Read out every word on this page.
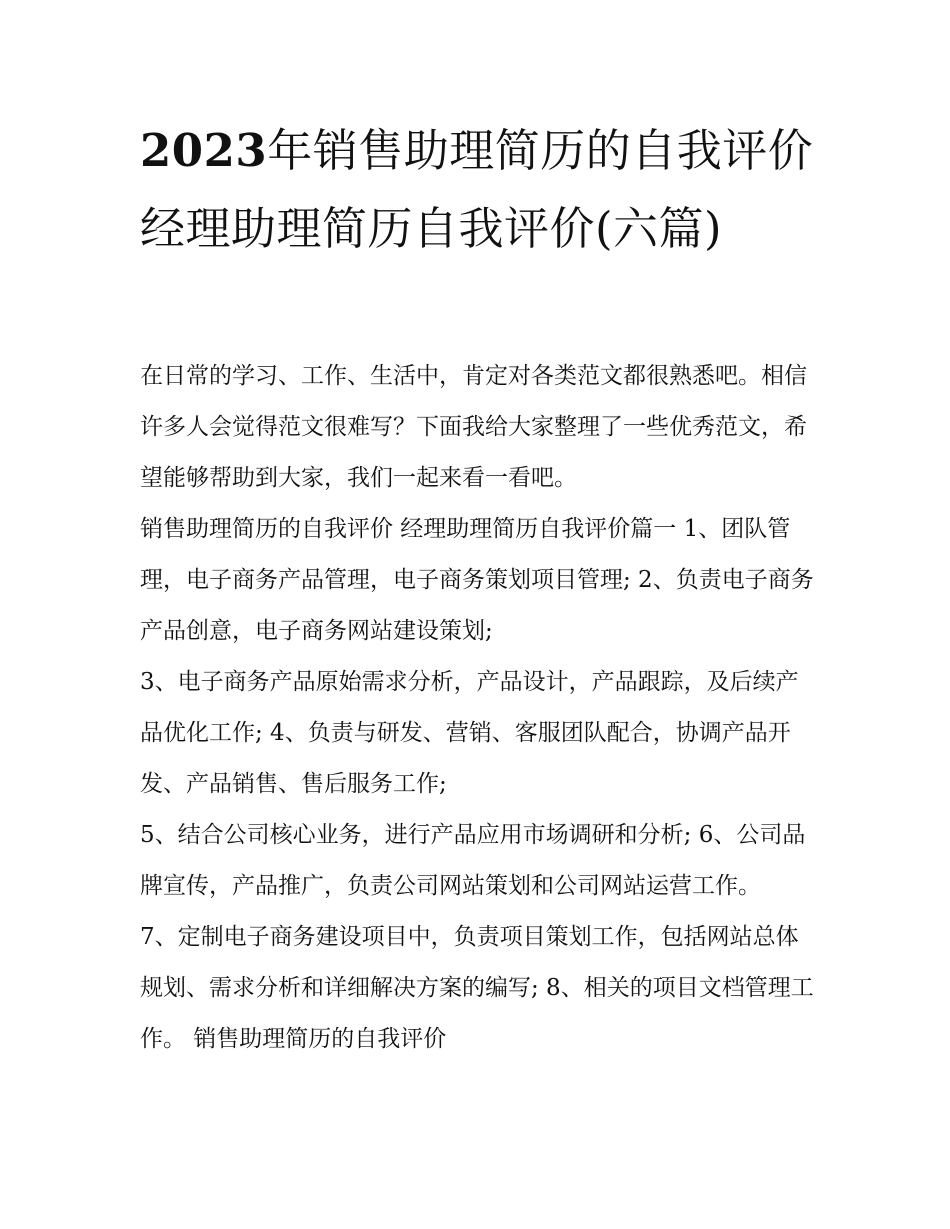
2023年销售助理简历的自我评价 经理助理简历自我评价(六篇)

在日常的学习、工作、生活中，肯定对各类范文都很熟悉吧。相信许多人会觉得范文很难写？下面我给大家整理了一些优秀范文，希望能够帮助到大家，我们一起来看一看吧。

销售助理简历的自我评价 经理助理简历自我评价篇一 1、团队管理，电子商务产品管理，电子商务策划项目管理; 2、负责电子商务产品创意，电子商务网站建设策划;

3、电子商务产品原始需求分析，产品设计，产品跟踪，及后续产品优化工作; 4、负责与研发、营销、客服团队配合，协调产品开发、产品销售、售后服务工作;

5、结合公司核心业务，进行产品应用市场调研和分析; 6、公司品牌宣传，产品推广，负责公司网站策划和公司网站运营工作。

7、定制电子商务建设项目中，负责项目策划工作，包括网站总体规划、需求分析和详细解决方案的编写; 8、相关的项目文档管理工作。 销售助理简历的自我评价
